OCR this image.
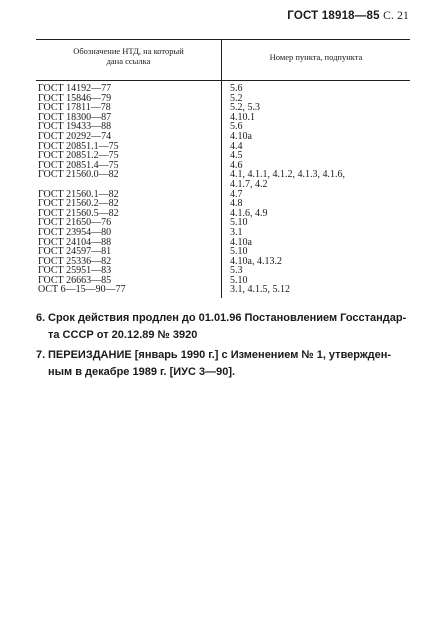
ГОСТ 18918—85 С. 21
Обозначение НТД, на который
дана ссылка	Номер пункта, подпункта
ГОСТ 14192—77
ГОСТ 15846—79
ГОСТ 17811—78
ГОСТ 18300—87
ГОСТ 19433—88
ГОСТ 20292—74
ГОСТ 20851.1—75
ГОСТ 20851.2—75
ГОСТ 20851.4—75
ГОСТ 21560.0—82

ГОСТ 21560.1—82
ГОСТ 21560.2—82
ГОСТ 21560.5—82
ГОСТ 21650—76
ГОСТ 23954—80
ГОСТ 24104—88
ГОСТ 24597—81
ГОСТ 25336—82
ГОСТ 25951—83
ГОСТ 26663—85
ОСТ 6—15—90—77
5.6
5.2
5.2, 5.3
4.10.1
5.6
4.10а
4.4
4.5
4.6
4.1, 4.1.1, 4.1.2, 4.1.3, 4.1.6,
4.1.7, 4.2
4.7
4.8
4.1.6, 4.9
5.10
3.1
4.10а
5.10
4.10а, 4.13.2
5.3
5.10
3.1, 4.1.5, 5.12
6. Срок действия продлен до 01.01.96 Постановлением Госстандар-
та СССР от 20.12.89 № 3920
7. ПЕРЕИЗДАНИЕ [январь 1990 г.] с Изменением № 1, утвержден-
ным в декабре 1989 г. [ИУС 3—90].
